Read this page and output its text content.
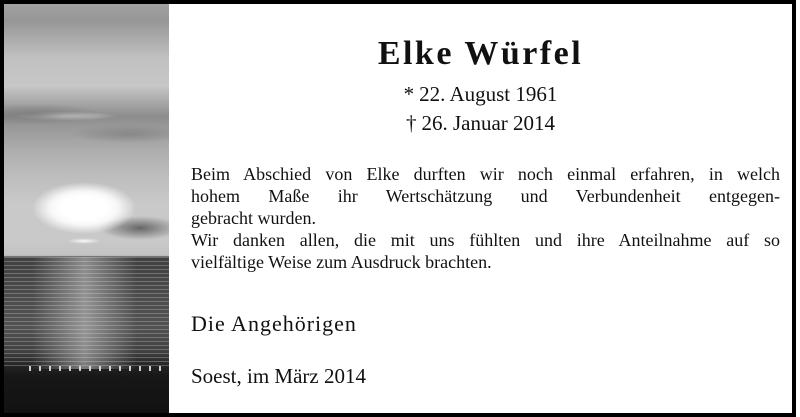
Elke Würfel
* 22. August 1961
† 26. Januar 2014
Beim Abschied von Elke durften wir noch einmal erfahren, in welch
hohem Maße ihr Wertschätzung und Verbundenheit entgegen-
gebracht wurden.
Wir danken allen, die mit uns fühlten und ihre Anteilnahme auf so
vielfältige Weise zum Ausdruck brachten.
Die Angehörigen
Soest, im März 2014
